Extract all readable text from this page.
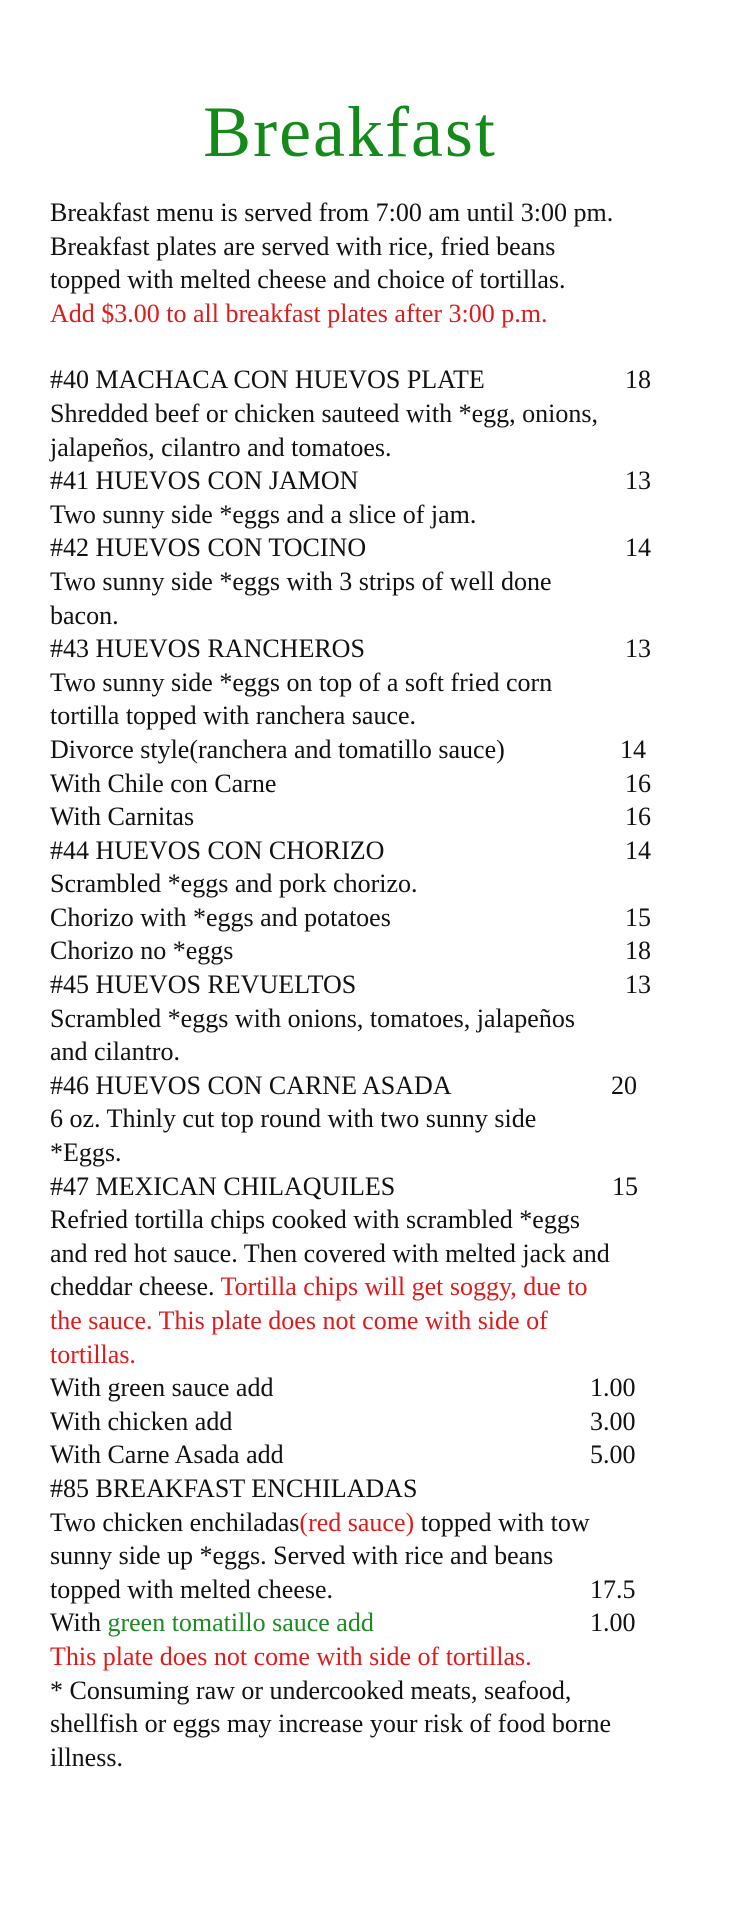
Breakfast
Breakfast menu is served from 7:00 am until 3:00 pm.
Breakfast plates are served with rice, fried beans
topped with melted cheese and choice of tortillas.
Add $3.00 to all breakfast plates after 3:00 p.m.
#40 MACHACA CON HUEVOS PLATE	18
Shredded beef or chicken sauteed with *egg, onions,
jalapeños, cilantro and tomatoes.
#41 HUEVOS CON JAMON	13
Two sunny side *eggs and a slice of jam.
#42 HUEVOS CON TOCINO	14
Two sunny side *eggs with 3 strips of well done
bacon.
#43 HUEVOS RANCHEROS	13
Two sunny side *eggs on top of a soft fried corn
tortilla topped with ranchera sauce.
Divorce style(ranchera and tomatillo sauce)	14
With Chile con Carne	16
With Carnitas	16
#44 HUEVOS CON CHORIZO	14
Scrambled *eggs and pork chorizo.
Chorizo with *eggs and potatoes	15
Chorizo no *eggs	18
#45 HUEVOS REVUELTOS	13
Scrambled *eggs with onions, tomatoes, jalapeños
and cilantro.
#46 HUEVOS CON CARNE ASADA	20
6 oz. Thinly cut top round with two sunny side
*Eggs.
#47 MEXICAN CHILAQUILES	15
Refried tortilla chips cooked with scrambled *eggs
and red hot sauce. Then covered with melted jack and
cheddar cheese. Tortilla chips will get soggy, due to
the sauce. This plate does not come with side of
tortillas.
With green sauce add	1.00
With chicken add	3.00
With Carne Asada add	5.00
#85 BREAKFAST ENCHILADAS
Two chicken enchiladas(red sauce) topped with tow
sunny side up *eggs. Served with rice and beans
topped with melted cheese.	17.5
With green tomatillo sauce add	1.00
This plate does not come with side of tortillas.
* Consuming raw or undercooked meats, seafood,
shellfish or eggs may increase your risk of food borne
illness.
